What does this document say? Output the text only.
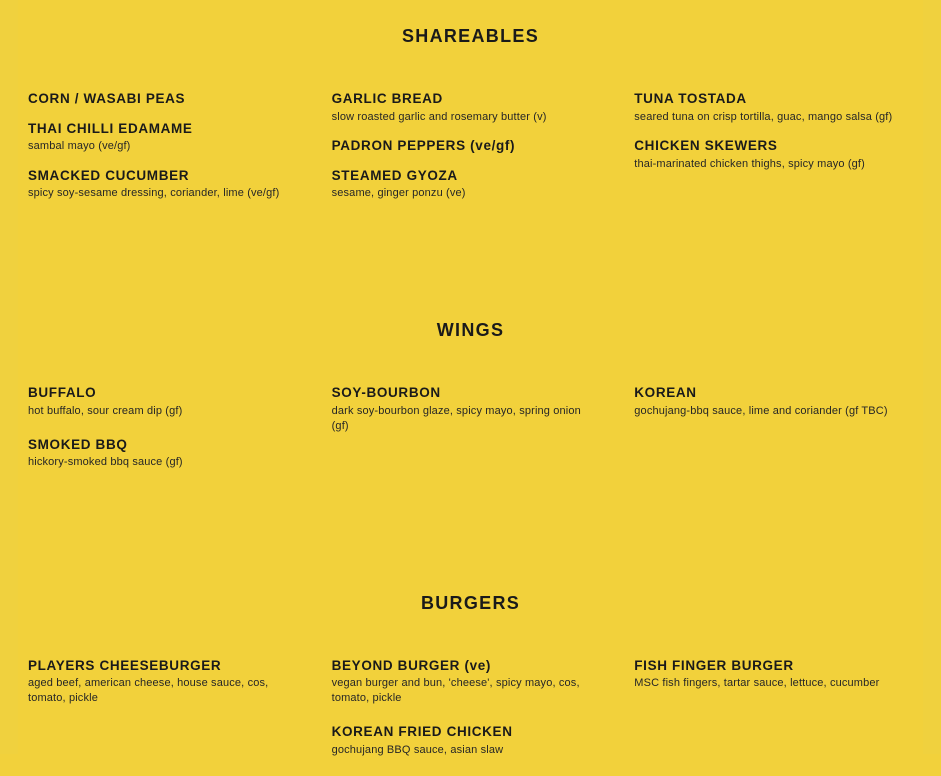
SHAREABLES
CORN / WASABI PEAS
THAI CHILLI EDAMAME
sambal mayo (ve/gf)
SMACKED CUCUMBER
spicy soy-sesame dressing, coriander, lime (ve/gf)
GARLIC BREAD
slow roasted garlic and rosemary butter (v)
PADRON PEPPERS (ve/gf)
STEAMED GYOZA
sesame, ginger ponzu (ve)
TUNA TOSTADA
seared tuna on crisp tortilla, guac, mango salsa (gf)
CHICKEN SKEWERS
thai-marinated chicken thighs, spicy mayo (gf)
WINGS
BUFFALO
hot buffalo, sour cream dip (gf)
SMOKED BBQ
hickory-smoked bbq sauce (gf)
SOY-BOURBON
dark soy-bourbon glaze, spicy mayo, spring onion (gf)
KOREAN
gochujang-bbq sauce, lime and coriander (gf TBC)
BURGERS
PLAYERS CHEESEBURGER
aged beef, american cheese, house sauce, cos, tomato, pickle
BEYOND BURGER (ve)
vegan burger and bun, 'cheese', spicy mayo, cos, tomato, pickle
KOREAN FRIED CHICKEN
gochujang BBQ sauce, asian slaw
FISH FINGER BURGER
MSC fish fingers, tartar sauce, lettuce, cucumber
